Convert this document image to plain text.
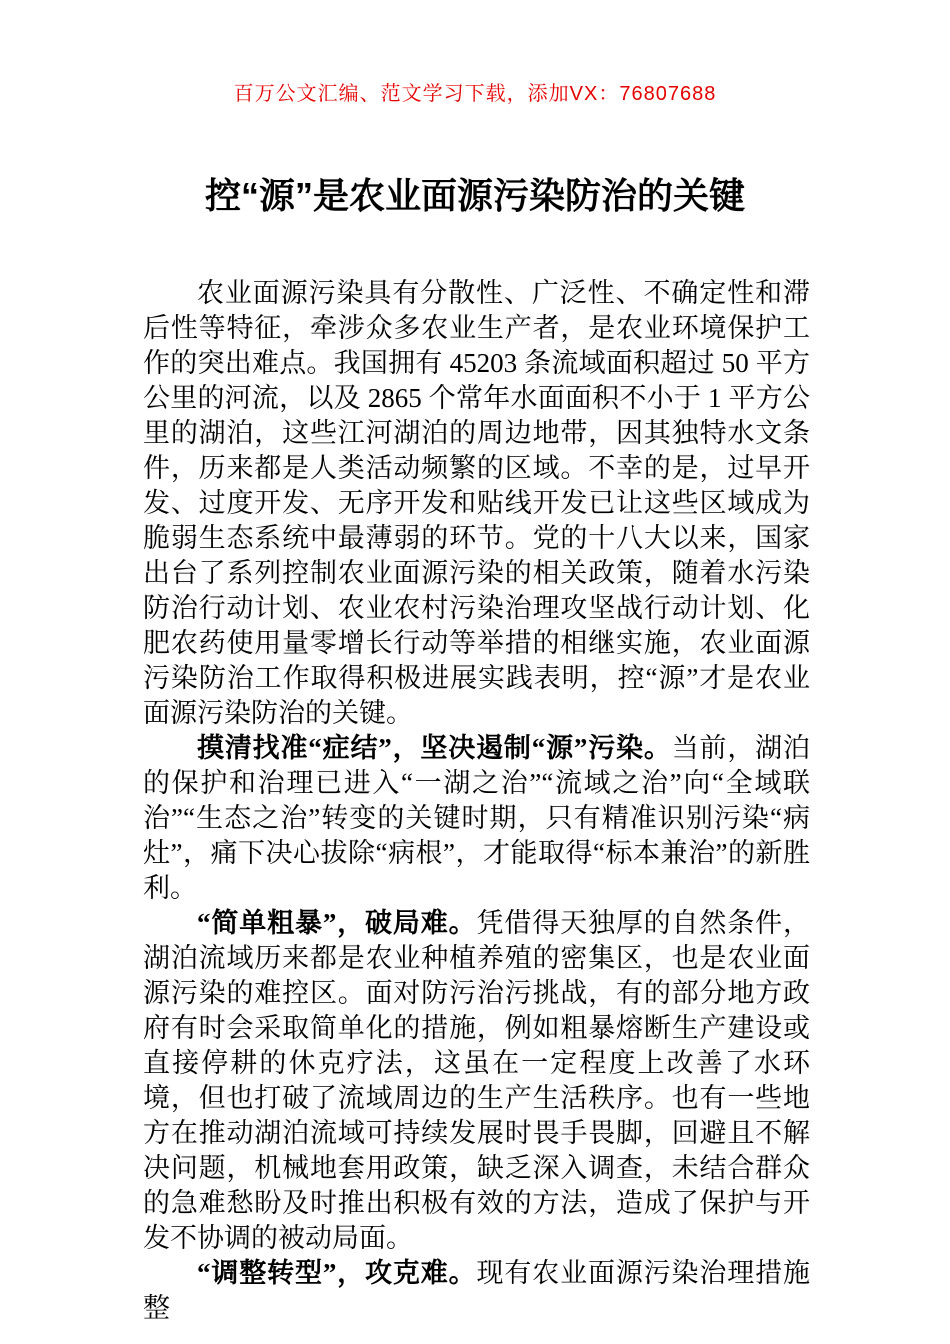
百万公文汇编、范文学习下载，添加VX：76807688
控“源”是农业面源污染防治的关键

农业面源污染具有分散性、广泛性、不确定性和滞后性等特征，牵涉众多农业生产者，是农业环境保护工作的突出难点。我国拥有 45203 条流域面积超过 50 平方公里的河流，以及 2865 个常年水面面积不小于 1 平方公里的湖泊，这些江河湖泊的周边地带，因其独特水文条件，历来都是人类活动频繁的区域。不幸的是，过早开发、过度开发、无序开发和贴线开发已让这些区域成为脆弱生态系统中最薄弱的环节。党的十八大以来，国家出台了系列控制农业面源污染的相关政策，随着水污染防治行动计划、农业农村污染治理攻坚战行动计划、化肥农药使用量零增长行动等举措的相继实施，农业面源污染防治工作取得积极进展实践表明，控“源”才是农业面源污染防治的关键。

摸清找准“症结”，坚决遏制“源”污染。当前，湖泊的保护和治理已进入“一湖之治”“流域之治”向“全域联治”“生态之治”转变的关键时期，只有精准识别污染“病灶”，痛下决心拔除“病根”，才能取得“标本兼治”的新胜利。

“简单粗暴”，破局难。凭借得天独厚的自然条件，湖泊流域历来都是农业种植养殖的密集区，也是农业面源污染的难控区。面对防污治污挑战，有的部分地方政府有时会采取简单化的措施，例如粗暴熔断生产建设或直接停耕的休克疗法，这虽在一定程度上改善了水环境，但也打破了流域周边的生产生活秩序。也有一些地方在推动湖泊流域可持续发展时畏手畏脚，回避且不解决问题，机械地套用政策，缺乏深入调查，未结合群众的急难愁盼及时推出积极有效的方法，造成了保护与开发不协调的被动局面。

“调整转型”，攻克难。现有农业面源污染治理措施整
